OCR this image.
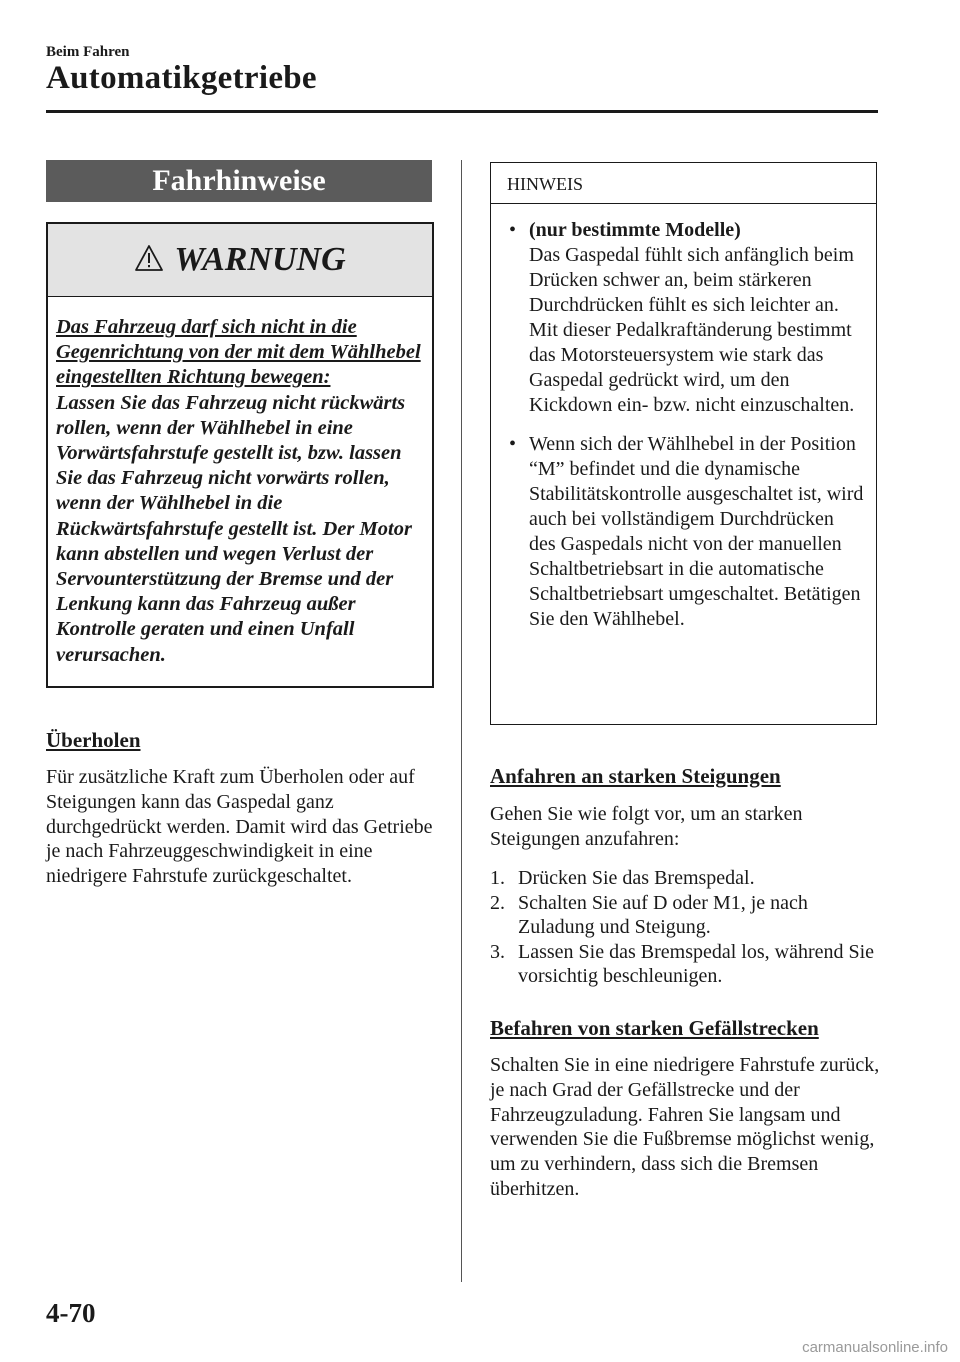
Beim Fahren
Automatikgetriebe
Fahrhinweise
WARNUNG

Das Fahrzeug darf sich nicht in die Gegenrichtung von der mit dem Wählhebel eingestellten Richtung bewegen:

Lassen Sie das Fahrzeug nicht rückwärts rollen, wenn der Wählhebel in eine Vorwärtsfahrstufe gestellt ist, bzw. lassen Sie das Fahrzeug nicht vorwärts rollen, wenn der Wählhebel in die Rückwärtsfahrstufe gestellt ist. Der Motor kann abstellen und wegen Verlust der Servounterstützung der Bremse und der Lenkung kann das Fahrzeug außer Kontrolle geraten und einen Unfall verursachen.

Überholen
Für zusätzliche Kraft zum Überholen oder auf Steigungen kann das Gaspedal ganz durchgedrückt werden. Damit wird das Getriebe je nach Fahrzeuggeschwindigkeit in eine niedrigere Fahrstufe zurückgeschaltet.
HINWEIS
• (nur bestimmte Modelle)
Das Gaspedal fühlt sich anfänglich beim Drücken schwer an, beim stärkeren Durchdrücken fühlt es sich leichter an. Mit dieser Pedalkraftänderung bestimmt das Motorsteuersystem wie stark das Gaspedal gedrückt wird, um den Kickdown ein- bzw. nicht einzuschalten.
• Wenn sich der Wählhebel in der Position “M” befindet und die dynamische Stabilitätskontrolle ausgeschaltet ist, wird auch bei vollständigem Durchdrücken des Gaspedals nicht von der manuellen Schaltbetriebsart in die automatische Schaltbetriebsart umgeschaltet. Betätigen Sie den Wählhebel.
Anfahren an starken Steigungen
Gehen Sie wie folgt vor, um an starken Steigungen anzufahren:
1. Drücken Sie das Bremspedal.
2. Schalten Sie auf D oder M1, je nach Zuladung und Steigung.
3. Lassen Sie das Bremspedal los, während Sie vorsichtig beschleunigen.
Befahren von starken Gefällstrecken
Schalten Sie in eine niedrigere Fahrstufe zurück, je nach Grad der Gefällstrecke und der Fahrzeugzuladung. Fahren Sie langsam und verwenden Sie die Fußbremse möglichst wenig, um zu verhindern, dass sich die Bremsen überhitzen.
4-70
carmanualsonline.info
